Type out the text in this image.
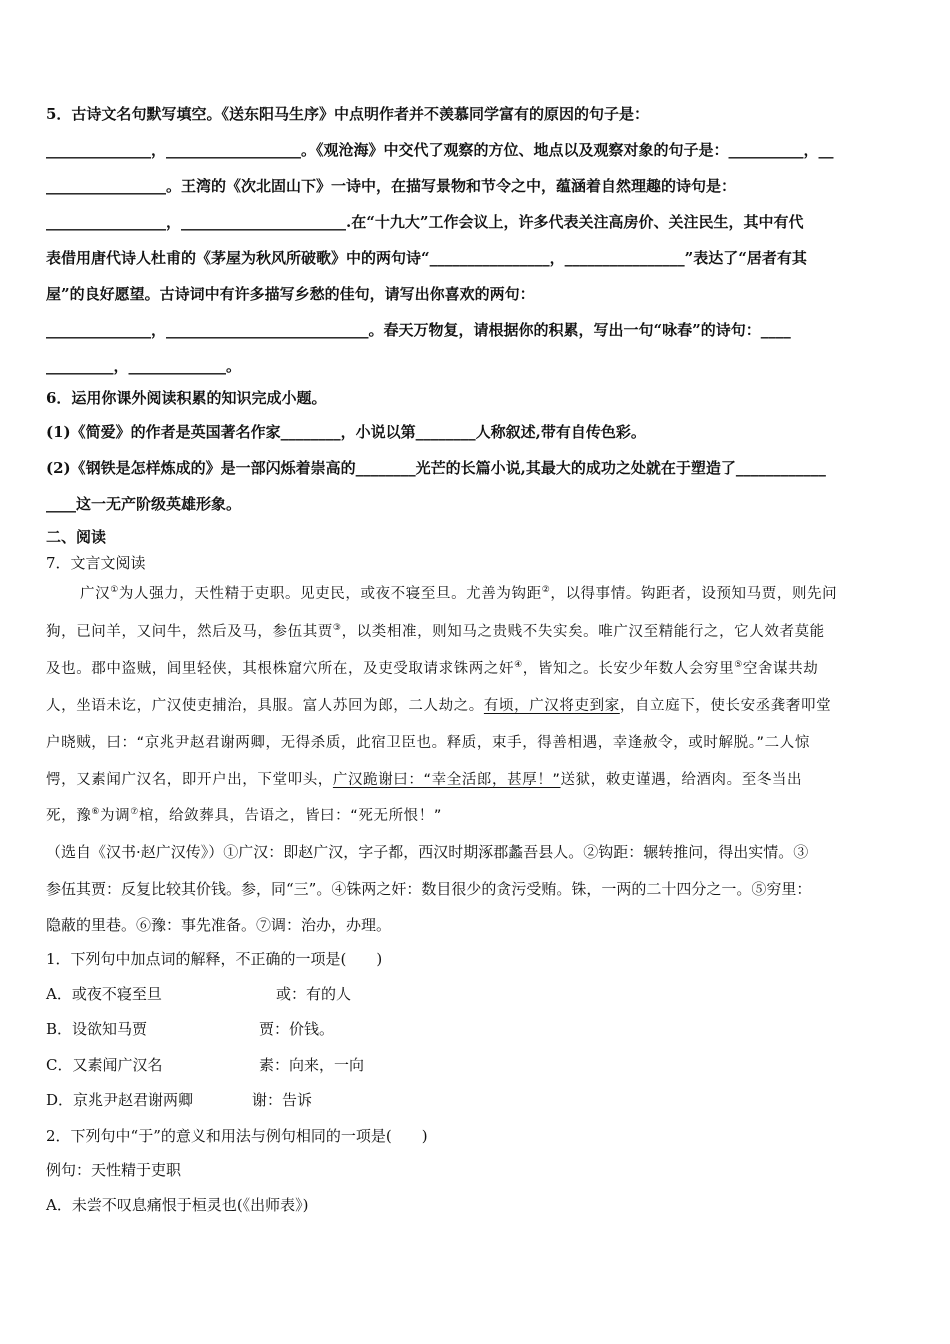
5．古诗文名句默写填空。《送东阳马生序》中点明作者并不羡慕同学富有的原因的句子是：
______________，__________________。《观沧海》中交代了观察的方位、地点以及观察对象的句子是：__________，__
________________。王湾的《次北固山下》一诗中，在描写景物和节令之中，蕴涵着自然理趣的诗句是：
________________，______________________.在“十九大”工作会议上，许多代表关注高房价、关注民生，其中有代
表借用唐代诗人杜甫的《茅屋为秋风所破歌》中的两句诗“________________，________________”表达了“居者有其
屋”的良好愿望。古诗词中有许多描写乡愁的佳句，请写出你喜欢的两句：
______________，___________________________。春天万物复，请根据你的积累，写出一句“咏春”的诗句：____
_________，_____________。
6．运用你课外阅读积累的知识完成小题。
(1)《简爱》的作者是英国著名作家________，小说以第________人称叙述,带有自传色彩。
(2)《钢铁是怎样炼成的》是一部闪烁着崇高的________光芒的长篇小说,其最大的成功之处就在于塑造了____________
____这一无产阶级英雄形象。
二、阅读
7．文言文阅读
广汉①为人强力，天性精于吏职。见吏民，或夜不寝至旦。尤善为钩距②，以得事情。钩距者，设预知马贾，则先问
狗，已问羊，又问牛，然后及马，参伍其贾③，以类相准，则知马之贵贱不失实矣。唯广汉至精能行之，它人效者莫能
及也。郡中盗贼，闾里轻侠，其根株窟穴所在，及吏受取请求铢两之奸④，皆知之。长安少年数人会穷里⑤空舍谋共劫
人，坐语未讫，广汉使吏捕治，具服。富人苏回为郎，二人劫之。有顷，广汉将吏到家，自立庭下，使长安丞龚奢叩堂
户晓贼，曰：“京兆尹赵君谢两卿，无得杀质，此宿卫臣也。释质，束手，得善相遇，幸逢赦令，或时解脱。”二人惊
愕，又素闻广汉名，即开户出，下堂叩头，广汉跪谢曰：“幸全活郎，甚厚！”送狱，敕吏谨遇，给酒肉。至冬当出
死，豫⑥为调⑦棺，给敛葬具，告语之，皆曰：“死无所恨！”
（选自《汉书·赵广汉传》）①广汉：即赵广汉，字子都，西汉时期涿郡蠡吾县人。②钩距：辗转推问，得出实情。③
参伍其贾：反复比较其价钱。参，同“三”。④铢两之奸：数目很少的贪污受贿。铢，一两的二十四分之一。⑤穷里：
隐蔽的里巷。⑥豫：事先准备。⑦调：治办，办理。
1．下列句中加点词的解释，不正确的一项是(　　)
A．或夜不寝至旦	或：有的人
B．设欲知马贾	贾：价钱。
C．又素闻广汉名	素：向来，一向
D．京兆尹赵君谢两卿	谢：告诉
2．下列句中“于”的意义和用法与例句相同的一项是(　　)
例句：天性精于吏职
A．未尝不叹息痛恨于桓灵也(《出师表》)
